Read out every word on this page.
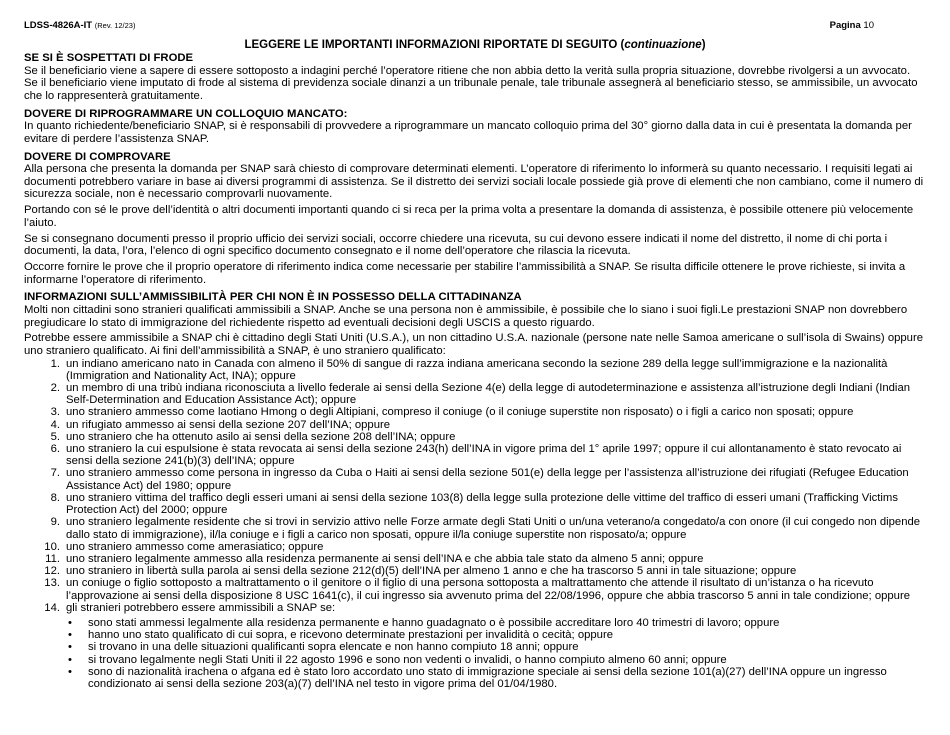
LDSS-4826A-IT (Rev. 12/23)	Pagina 10
LEGGERE LE IMPORTANTI INFORMAZIONI RIPORTATE DI SEGUITO (continuazione)
SE SI È SOSPETTATI DI FRODE

Se il beneficiario viene a sapere di essere sottoposto a indagini perché l’operatore ritiene che non abbia detto la verità sulla propria situazione, dovrebbe rivolgersi a un avvocato.

Se il beneficiario viene imputato di frode al sistema di previdenza sociale dinanzi a un tribunale penale, tale tribunale assegnerà al beneficiario stesso, se ammissibile, un avvocato che lo rappresenterà gratuitamente.

DOVERE DI RIPROGRAMMARE UN COLLOQUIO MANCATO:

In quanto richiedente/beneficiario SNAP, si è responsabili di provvedere a riprogrammare un mancato colloquio prima del 30° giorno dalla data in cui è presentata la domanda per evitare di perdere l’assistenza SNAP.

DOVERE DI COMPROVARE

Alla persona che presenta la domanda per SNAP sarà chiesto di comprovare determinati elementi. L’operatore di riferimento lo informerà su quanto necessario. I requisiti legati ai documenti potrebbero variare in base ai diversi programmi di assistenza. Se il distretto dei servizi sociali locale possiede già prove di elementi che non cambiano, come il numero di sicurezza sociale, non è necessario comprovarli nuovamente.

Portando con sé le prove dell’identità o altri documenti importanti quando ci si reca per la prima volta a presentare la domanda di assistenza, è possibile ottenere più velocemente l’aiuto.

Se si consegnano documenti presso il proprio ufficio dei servizi sociali, occorre chiedere una ricevuta, su cui devono essere indicati il nome del distretto, il nome di chi porta i documenti, la data, l’ora, l’elenco di ogni specifico documento consegnato e il nome dell’operatore che rilascia la ricevuta.

Occorre fornire le prove che il proprio operatore di riferimento indica come necessarie per stabilire l’ammissibilità a SNAP. Se risulta difficile ottenere le prove richieste, si invita a informarne l’operatore di riferimento.

INFORMAZIONI SULL’AMMISSIBILITÀ PER CHI NON È IN POSSESSO DELLA CITTADINANZA

Molti non cittadini sono stranieri qualificati ammissibili a SNAP. Anche se una persona non è ammissibile, è possibile che lo siano i suoi figli.Le prestazioni SNAP non dovrebbero pregiudicare lo stato di immigrazione del richiedente rispetto ad eventuali decisioni degli USCIS a questo riguardo.

Potrebbe essere ammissibile a SNAP chi è cittadino degli Stati Uniti (U.S.A.), un non cittadino U.S.A. nazionale (persone nate nelle Samoa americane o sull’isola di Swains) oppure uno straniero qualificato. Ai fini dell’ammissibilità a SNAP, è uno straniero qualificato:

1. un indiano americano nato in Canada con almeno il 50% di sangue di razza indiana americana secondo la sezione 289 della legge sull’immigrazione e la nazionalità (Immigration and Nationality Act, INA); oppure
2. un membro di una tribù indiana riconosciuta a livello federale ai sensi della Sezione 4(e) della legge di autodeterminazione e assistenza all’istruzione degli Indiani (Indian Self-Determination and Education Assistance Act); oppure
3. uno straniero ammesso come laotiano Hmong o degli Altipiani, compreso il coniuge (o il coniuge superstite non risposato) o i figli a carico non sposati; oppure
4. un rifugiato ammesso ai sensi della sezione 207 dell’INA; oppure
5. uno straniero che ha ottenuto asilo ai sensi della sezione 208 dell’INA; oppure
6. uno straniero la cui espulsione è stata revocata ai sensi della sezione 243(h) dell’INA in vigore prima del 1° aprile 1997; oppure il cui allontanamento è stato revocato ai sensi della sezione 241(b)(3) dell’INA; oppure
7. uno straniero ammesso come persona in ingresso da Cuba o Haiti ai sensi della sezione 501(e) della legge per l’assistenza all’istruzione dei rifugiati (Refugee Education Assistance Act) del 1980; oppure
8. uno straniero vittima del traffico degli esseri umani ai sensi della sezione 103(8) della legge sulla protezione delle vittime del traffico di esseri umani (Trafficking Victims Protection Act) del 2000; oppure
9. uno straniero legalmente residente che si trovi in servizio attivo nelle Forze armate degli Stati Uniti o un/una veterano/a congedato/a con onore (il cui congedo non dipende dallo stato di immigrazione), il/la coniuge e i figli a carico non sposati, oppure il/la coniuge superstite non risposato/a; oppure
10. uno straniero ammesso come amerasiatico; oppure
11. uno straniero legalmente ammesso alla residenza permanente ai sensi dell’INA e che abbia tale stato da almeno 5 anni; oppure
12. uno straniero in libertà sulla parola ai sensi della sezione 212(d)(5) dell’INA per almeno 1 anno e che ha trascorso 5 anni in tale situazione; oppure
13. un coniuge o figlio sottoposto a maltrattamento o il genitore o il figlio di una persona sottoposta a maltrattamento che attende il risultato di un’istanza o ha ricevuto l’approvazione ai sensi della disposizione 8 USC 1641(c), il cui ingresso sia avvenuto prima del 22/08/1996, oppure che abbia trascorso 5 anni in tale condizione; oppure
14. gli stranieri potrebbero essere ammissibili a SNAP se:
• sono stati ammessi legalmente alla residenza permanente e hanno guadagnato o è possibile accreditare loro 40 trimestri di lavoro; oppure
• hanno uno stato qualificato di cui sopra, e ricevono determinate prestazioni per invalidità o cecità; oppure
• si trovano in una delle situazioni qualificanti sopra elencate e non hanno compiuto 18 anni; oppure
• si trovano legalmente negli Stati Uniti il 22 agosto 1996 e sono non vedenti o invalidi, o hanno compiuto almeno 60 anni; oppure
• sono di nazionalità irachena o afgana ed è stato loro accordato uno stato di immigrazione speciale ai sensi della sezione 101(a)(27) dell’INA oppure un ingresso condizionato ai sensi della sezione 203(a)(7) dell’INA nel testo in vigore prima del 01/04/1980.
